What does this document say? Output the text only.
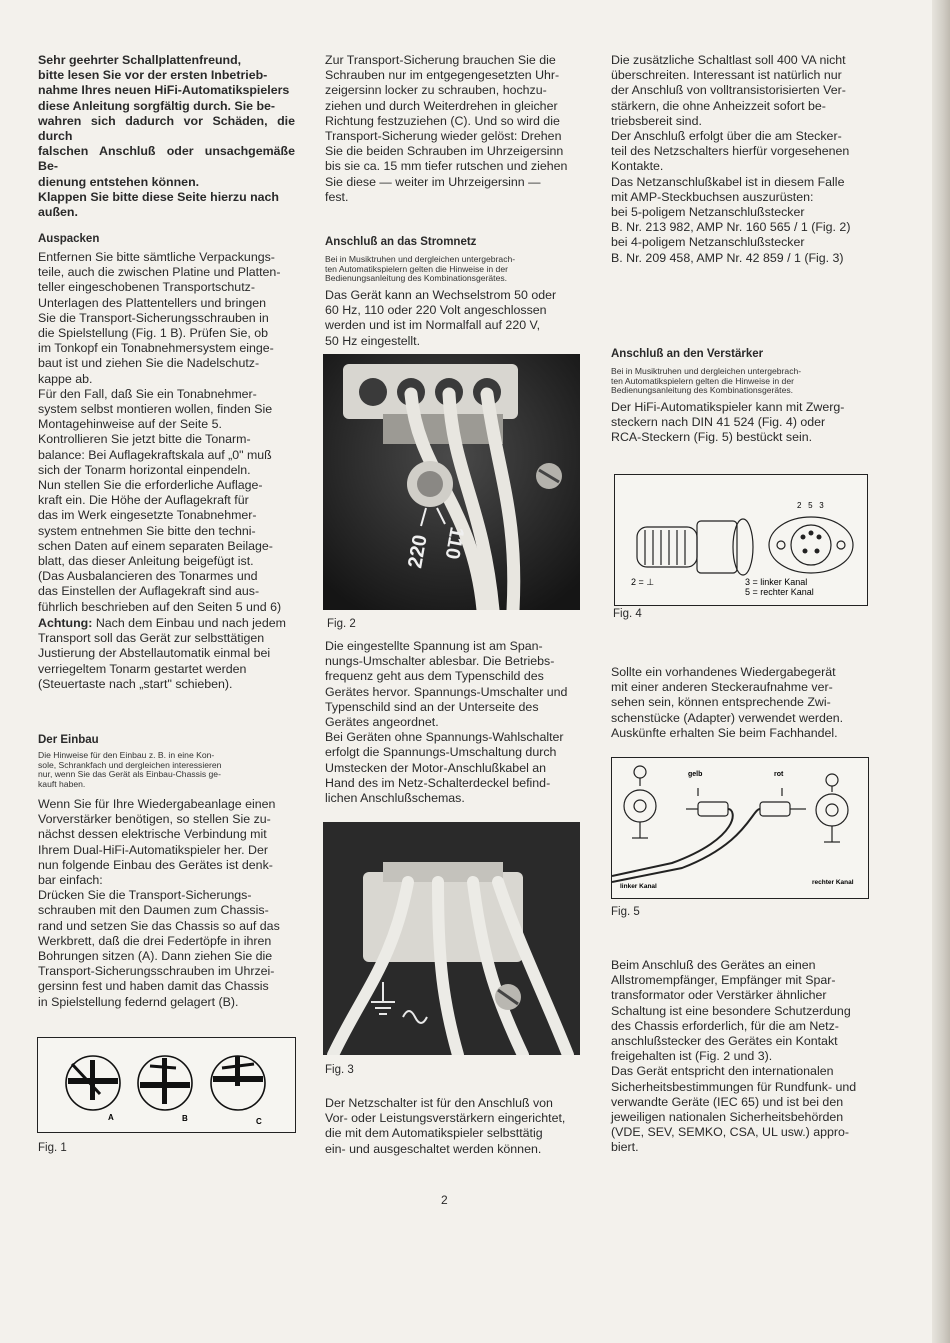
Sehr geehrter Schallplattenfreund,
bitte lesen Sie vor der ersten Inbetrieb-
nahme Ihres neuen HiFi-Automatikspielers
diese Anleitung sorgfältig durch. Sie be-
wahren sich dadurch vor Schäden, die durch
falschen Anschluß oder unsachgemäße Be-
dienung entstehen können.
Klappen Sie bitte diese Seite hierzu nach
außen.

Auspacken

Entfernen Sie bitte sämtliche Verpackungs-
teile, auch die zwischen Platine und Platten-
teller eingeschobenen Transportschutz-
Unterlagen des Plattentellers und bringen
Sie die Transport-Sicherungsschrauben in
die Spielstellung (Fig. 1 B). Prüfen Sie, ob
im Tonkopf ein Tonabnehmersystem einge-
baut ist und ziehen Sie die Nadelschutz-
kappe ab.
Für den Fall, daß Sie ein Tonabnehmer-
system selbst montieren wollen, finden Sie
Montagehinweise auf der Seite 5.
Kontrollieren Sie jetzt bitte die Tonarm-
balance: Bei Auflagekraftskala auf „0" muß
sich der Tonarm horizontal einpendeln.
Nun stellen Sie die erforderliche Auflage-
kraft ein. Die Höhe der Auflagekraft für
das im Werk eingesetzte Tonabnehmer-
system entnehmen Sie bitte den techni-
schen Daten auf einem separaten Beilage-
blatt, das dieser Anleitung beigefügt ist.
(Das Ausbalancieren des Tonarmes und
das Einstellen der Auflagekraft sind aus-
führlich beschrieben auf den Seiten 5 und 6)

Achtung: Nach dem Einbau und nach jedem
Transport soll das Gerät zur selbsttätigen
Justierung der Abstellautomatik einmal bei
verriegeltem Tonarm gestartet werden
(Steuertaste nach „start" schieben).

Der Einbau

Die Hinweise für den Einbau z. B. in eine Kon-
sole, Schrankfach und dergleichen interessieren
nur, wenn Sie das Gerät als Einbau-Chassis ge-
kauft haben.

Wenn Sie für Ihre Wiedergabeanlage einen
Vorverstärker benötigen, so stellen Sie zu-
nächst dessen elektrische Verbindung mit
Ihrem Dual-HiFi-Automatikspieler her. Der
nun folgende Einbau des Gerätes ist denk-
bar einfach:
Drücken Sie die Transport-Sicherungs-
schrauben mit den Daumen zum Chassis-
rand und setzen Sie das Chassis so auf das
Werkbrett, daß die drei Federtöpfe in ihren
Bohrungen sitzen (A). Dann ziehen Sie die
Transport-Sicherungsschrauben im Uhrzei-
gersinn fest und haben damit das Chassis
in Spielstellung federnd gelagert (B).

A	B	C

Fig. 1

Zur Transport-Sicherung brauchen Sie die
Schrauben nur im entgegengesetzten Uhr-
zeigersinn locker zu schrauben, hochzu-
ziehen und durch Weiterdrehen in gleicher
Richtung festzuziehen (C). Und so wird die
Transport-Sicherung wieder gelöst: Drehen
Sie die beiden Schrauben im Uhrzeigersinn
bis sie ca. 15 mm tiefer rutschen und ziehen
Sie diese — weiter im Uhrzeigersinn —
fest.

Anschluß an das Stromnetz

Bei in Musiktruhen und dergleichen untergebrach-
ten Automatikspielern gelten die Hinweise in der
Bedienungsanleitung des Kombinationsgerätes.

Das Gerät kann an Wechselstrom 50 oder
60 Hz, 110 oder 220 Volt angeschlossen
werden und ist im Normalfall auf 220 V,
50 Hz eingestellt.

220 110

Fig. 2

Die eingestellte Spannung ist am Span-
nungs-Umschalter ablesbar. Die Betriebs-
frequenz geht aus dem Typenschild des
Gerätes hervor. Spannungs-Umschalter und
Typenschild sind an der Unterseite des
Gerätes angeordnet.
Bei Geräten ohne Spannungs-Wahlschalter
erfolgt die Spannungs-Umschaltung durch
Umstecken der Motor-Anschlußkabel an
Hand des im Netz-Schalterdeckel befind-
lichen Anschlußschemas.

Fig. 3

Der Netzschalter ist für den Anschluß von
Vor- oder Leistungsverstärkern eingerichtet,
die mit dem Automatikspieler selbsttätig
ein- und ausgeschaltet werden können.

Die zusätzliche Schaltlast soll 400 VA nicht
überschreiten. Interessant ist natürlich nur
der Anschluß von volltransistorisierten Ver-
stärkern, die ohne Anheizzeit sofort be-
triebsbereit sind.
Der Anschluß erfolgt über die am Stecker-
teil des Netzschalters hierfür vorgesehenen
Kontakte.
Das Netzanschlußkabel ist in diesem Falle
mit AMP-Steckbuchsen auszurüsten:
bei 5-poligem Netzanschlußstecker
B. Nr. 213 982, AMP Nr. 160 565 / 1 (Fig. 2)
bei 4-poligem Netzanschlußstecker
B. Nr. 209 458, AMP Nr. 42 859 / 1 (Fig. 3)

Anschluß an den Verstärker

Bei in Musiktruhen und dergleichen untergebrach-
ten Automatikspielern gelten die Hinweise in der
Bedienungsanleitung des Kombinationsgerätes.

Der HiFi-Automatikspieler kann mit Zwerg-
steckern nach DIN 41 524 (Fig. 4) oder
RCA-Steckern (Fig. 5) bestückt sein.

2   5   3
2 = ⊥	3 = linker Kanal
5 = rechter Kanal

Fig. 4

Sollte ein vorhandenes Wiedergabegerät
mit einer anderen Steckeraufnahme ver-
sehen sein, können entsprechende Zwi-
schenstücke (Adapter) verwendet werden.
Auskünfte erhalten Sie beim Fachhandel.

gelb	rot
linker Kanal
rechter Kanal

Fig. 5

Beim Anschluß des Gerätes an einen
Allstromempfänger, Empfänger mit Spar-
transformator oder Verstärker ähnlicher
Schaltung ist eine besondere Schutzerdung
des Chassis erforderlich, für die am Netz-
anschlußstecker des Gerätes ein Kontakt
freigehalten ist (Fig. 2 und 3).
Das Gerät entspricht den internationalen
Sicherheitsbestimmungen für Rundfunk- und
verwandte Geräte (IEC 65) und ist bei den
jeweiligen nationalen Sicherheitsbehörden
(VDE, SEV, SEMKO, CSA, UL usw.) appro-
biert.

2
